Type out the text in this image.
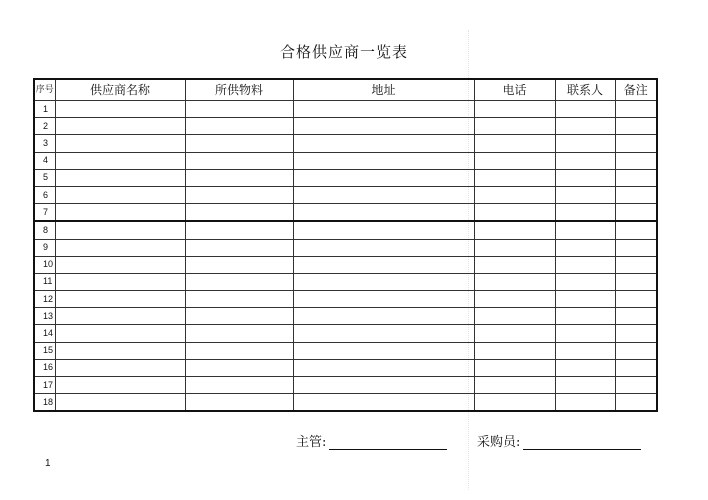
合格供应商一览表
序号	供应商名称	所供物料	地址	电话	联系人	备注
1						
2						
3						
4						
5						
6						
7						
8						
9						
10						
11						
12						
13						
14						
15						
16						
17						
18						
主管:	采购员:
1
